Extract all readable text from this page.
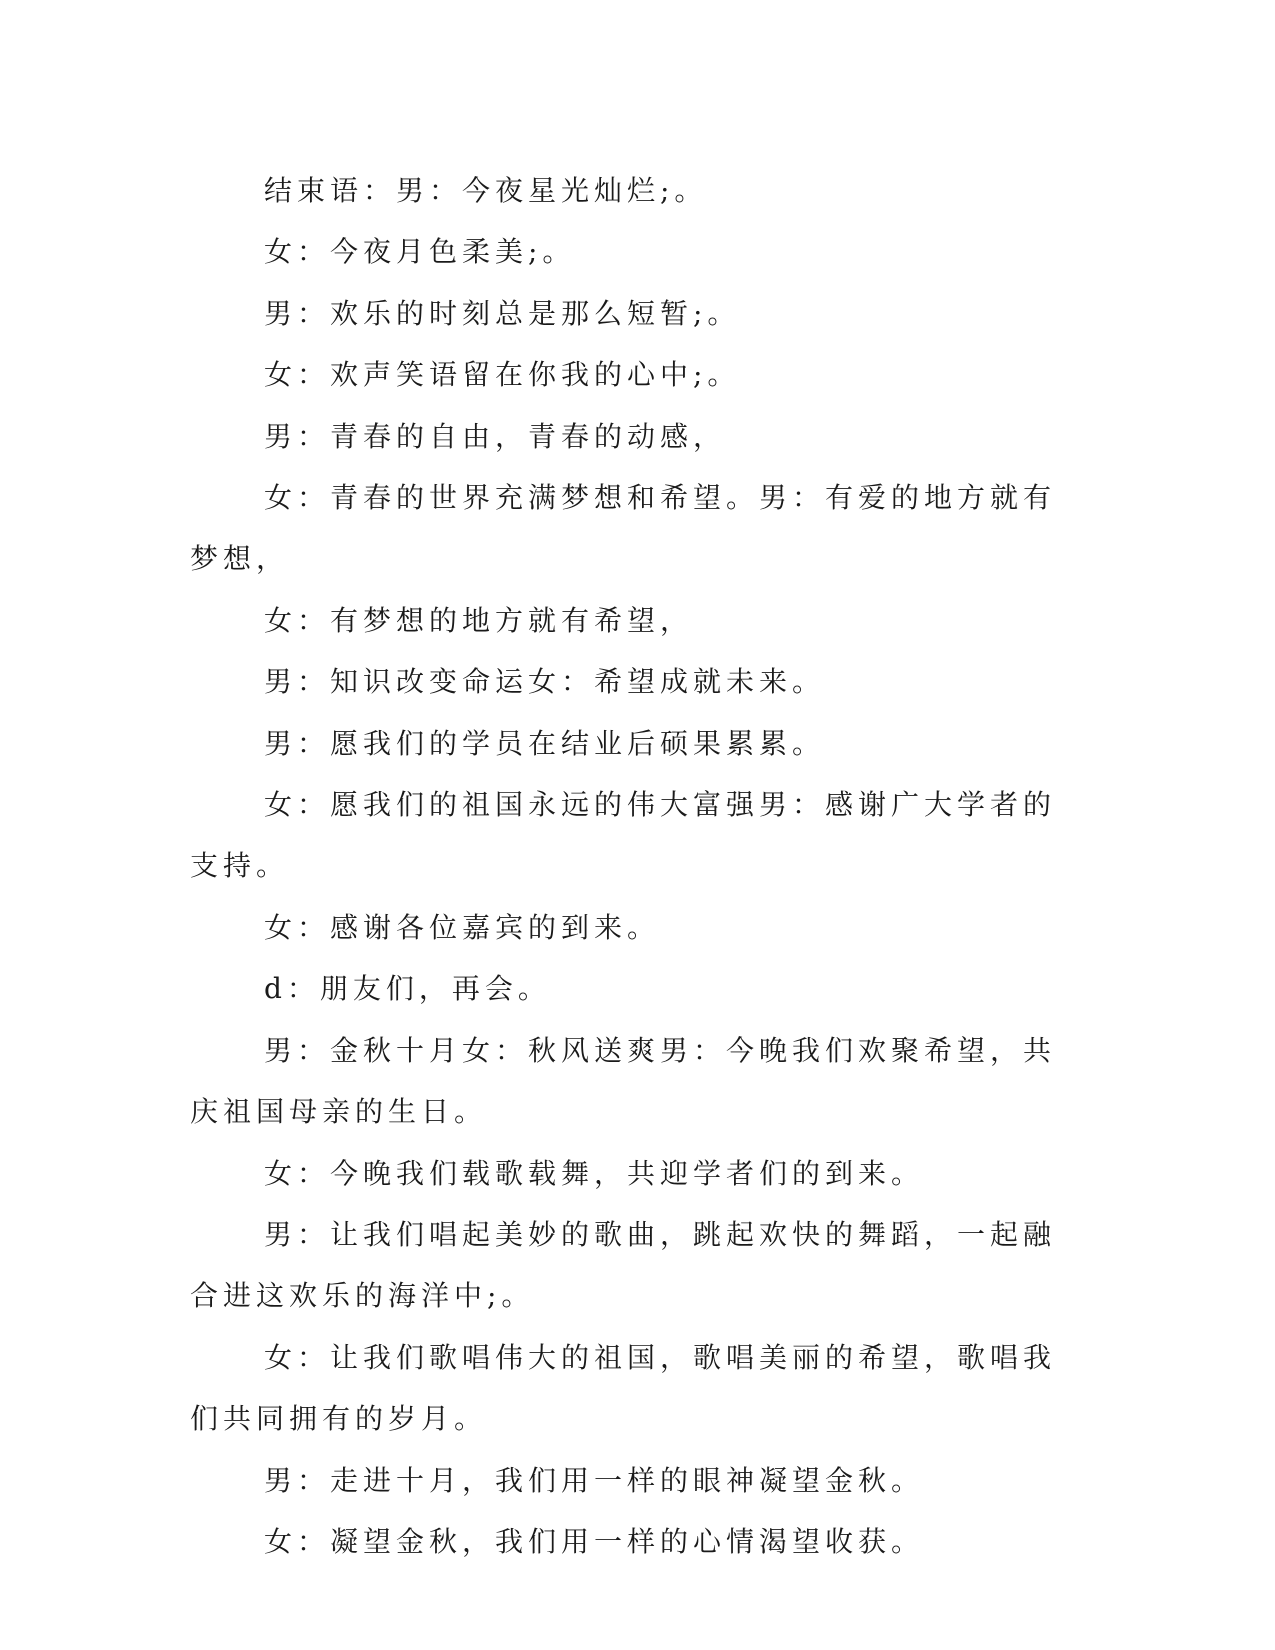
结束语：男：今夜星光灿烂;。

女：今夜月色柔美;。

男：欢乐的时刻总是那么短暂;。

女：欢声笑语留在你我的心中;。

男：青春的自由，青春的动感，

女：青春的世界充满梦想和希望。男：有爱的地方就有梦想，

女：有梦想的地方就有希望，

男：知识改变命运女：希望成就未来。

男：愿我们的学员在结业后硕果累累。

女：愿我们的祖国永远的伟大富强男：感谢广大学者的支持。

女：感谢各位嘉宾的到来。

d：朋友们，再会。

男：金秋十月女：秋风送爽男：今晚我们欢聚希望，共庆祖国母亲的生日。

女：今晚我们载歌载舞，共迎学者们的到来。

男：让我们唱起美妙的歌曲，跳起欢快的舞蹈，一起融合进这欢乐的海洋中;。

女：让我们歌唱伟大的祖国，歌唱美丽的希望，歌唱我们共同拥有的岁月。

男：走进十月，我们用一样的眼神凝望金秋。

女：凝望金秋，我们用一样的心情渴望收获。
